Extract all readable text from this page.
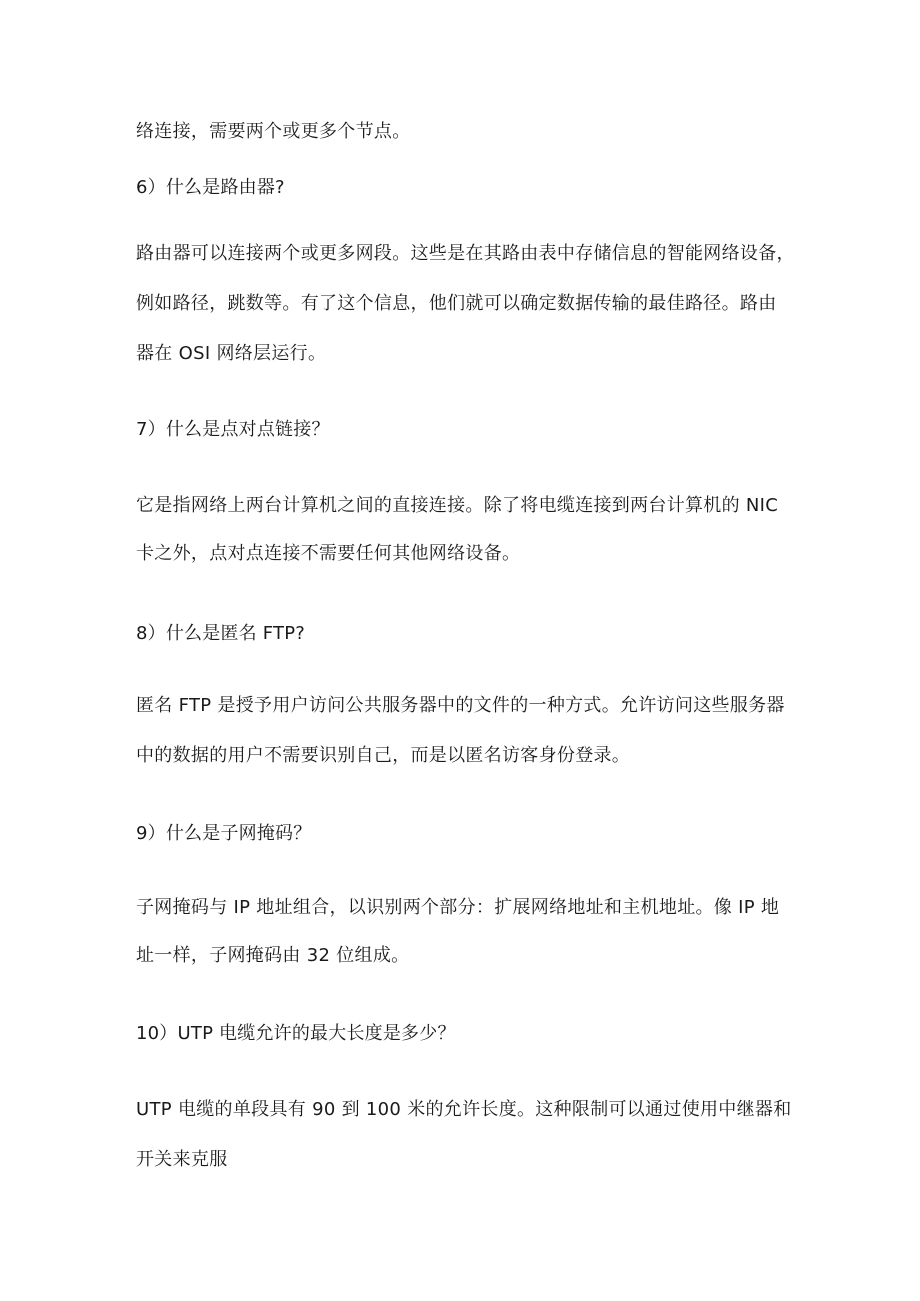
络连接，需要两个或更多个节点。
6）什么是路由器?
路由器可以连接两个或更多网段。这些是在其路由表中存储信息的智能网络设备，
例如路径，跳数等。有了这个信息，他们就可以确定数据传输的最佳路径。路由
器在 OSI 网络层运行。
7）什么是点对点链接？
它是指网络上两台计算机之间的直接连接。除了将电缆连接到两台计算机的 NIC
卡之外，点对点连接不需要任何其他网络设备。
8）什么是匿名 FTP?
匿名 FTP 是授予用户访问公共服务器中的文件的一种方式。允许访问这些服务器
中的数据的用户不需要识别自己，而是以匿名访客身份登录。
9）什么是子网掩码？
子网掩码与 IP 地址组合，以识别两个部分：扩展网络地址和主机地址。像 IP 地
址一样，子网掩码由 32 位组成。
10）UTP 电缆允许的最大长度是多少？
UTP 电缆的单段具有 90 到 100 米的允许长度。这种限制可以通过使用中继器和
开关来克服
